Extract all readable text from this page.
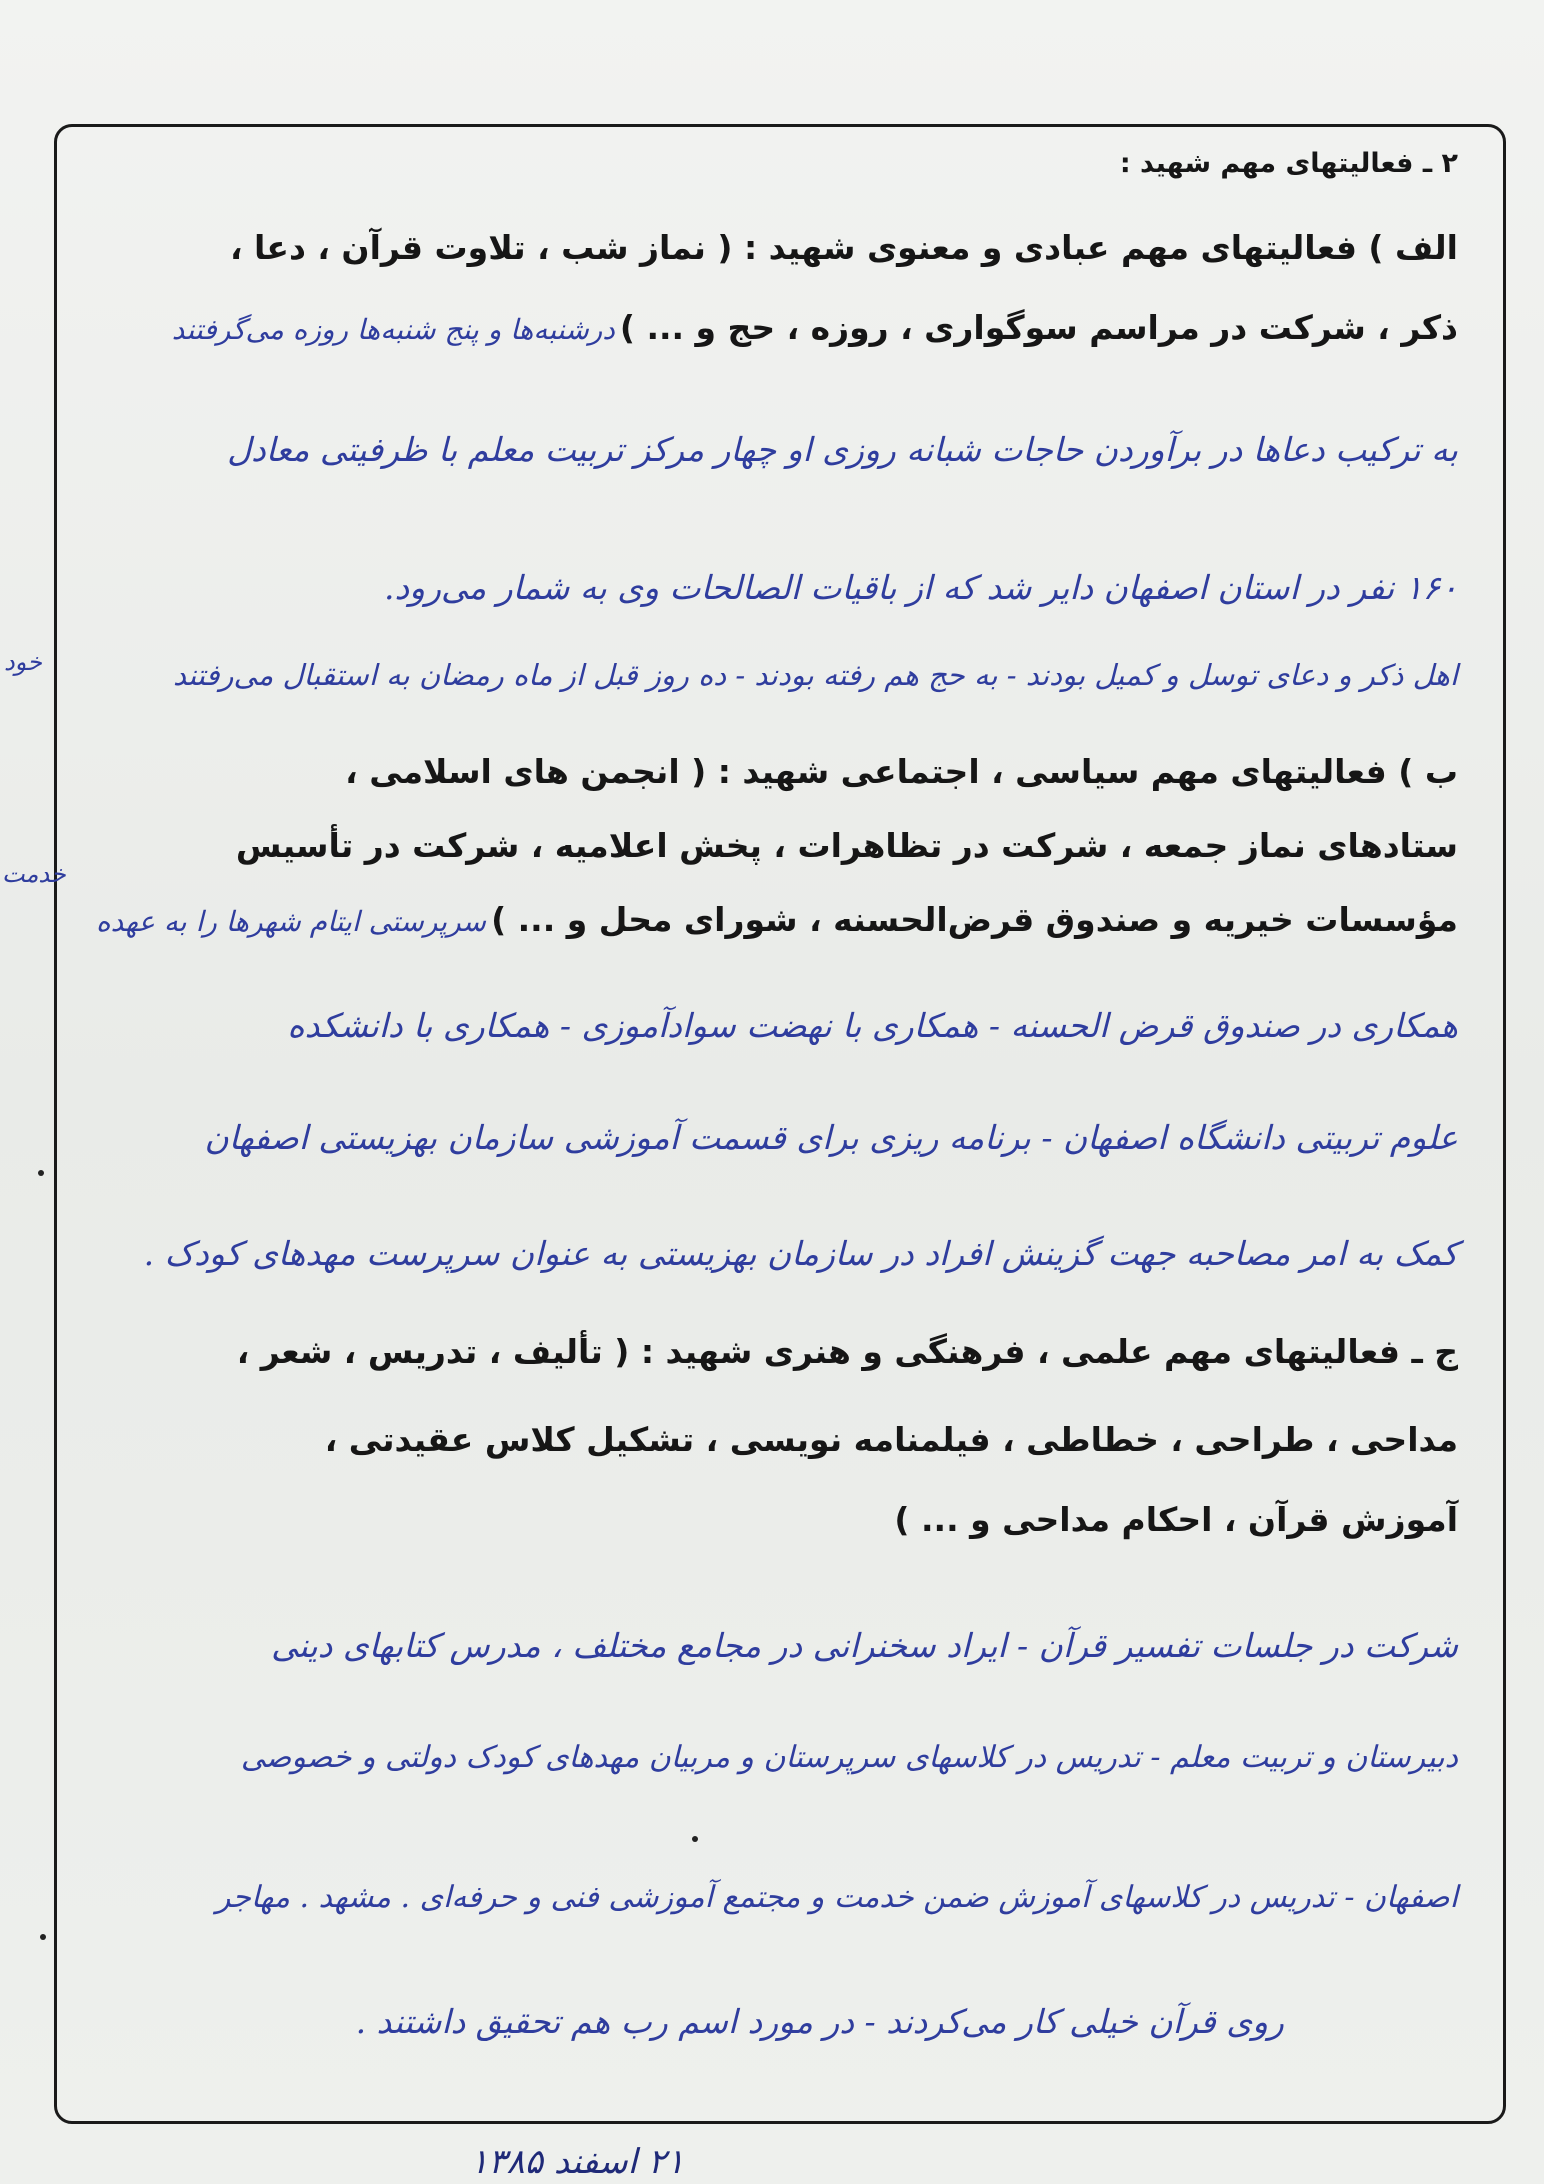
۲ ـ فعالیتهای مهم شهید :
الف ) فعالیتهای مهم عبادی و معنوی شهید : ( نماز شب ، تلاوت قرآن ، دعا ،
ذکر ، شرکت در مراسم سوگواری ، روزه ، حج و ... ) درشنبه‌ها و پنج شنبه‌ها روزه می‌گرفتند
به ترکیب دعاها در برآوردن حاجات شبانه روزی او چهار مرکز تربیت معلم با ظرفیتی معادل
۱۶۰ نفر در استان اصفهان دایر شد که از باقیات الصالحات وی به شمار می‌رود.
اهل ذکر و دعای توسل و کمیل بودند - به حج هم رفته بودند - ده روز قبل از ماه رمضان به استقبال می‌رفتند
ب ) فعالیتهای مهم سیاسی ، اجتماعی شهید : ( انجمن های اسلامی ،
ستادهای نماز جمعه ، شرکت در تظاهرات ، پخش اعلامیه ، شرکت در تأسیس
مؤسسات خیریه و صندوق قرض‌الحسنه ، شورای محل و ... ) سرپرستی ایتام شهرها را به عهده
همکاری در صندوق قرض الحسنه - همکاری با نهضت سوادآموزی - همکاری با دانشکده
علوم تربیتی دانشگاه اصفهان - برنامه ریزی برای قسمت آموزشی سازمان بهزیستی اصفهان
کمک به امر مصاحبه جهت گزینش افراد در سازمان بهزیستی به عنوان سرپرست مهدهای کودک .
ج ـ فعالیتهای مهم علمی ، فرهنگی و هنری شهید : ( تألیف ، تدریس ، شعر ،
مداحی ، طراحی ، خطاطی ، فیلمنامه نویسی ، تشکیل کلاس عقیدتی ،
آموزش قرآن ، احکام مداحی و ... )
شرکت در جلسات تفسیر قرآن - ایراد سخنرانی در مجامع مختلف ، مدرس کتابهای دینی
دبیرستان و تربیت معلم - تدریس در کلاسهای سرپرستان و مربیان مهدهای کودک دولتی و خصوصی
اصفهان - تدریس در کلاسهای آموزش ضمن خدمت و مجتمع آموزشی فنی و حرفه‌ای . مشهد . مهاجر
روی قرآن خیلی کار می‌کردند - در مورد اسم رب هم تحقیق داشتند .
خود
خدمت
۲۱ اسفند ۱۳۸۵
